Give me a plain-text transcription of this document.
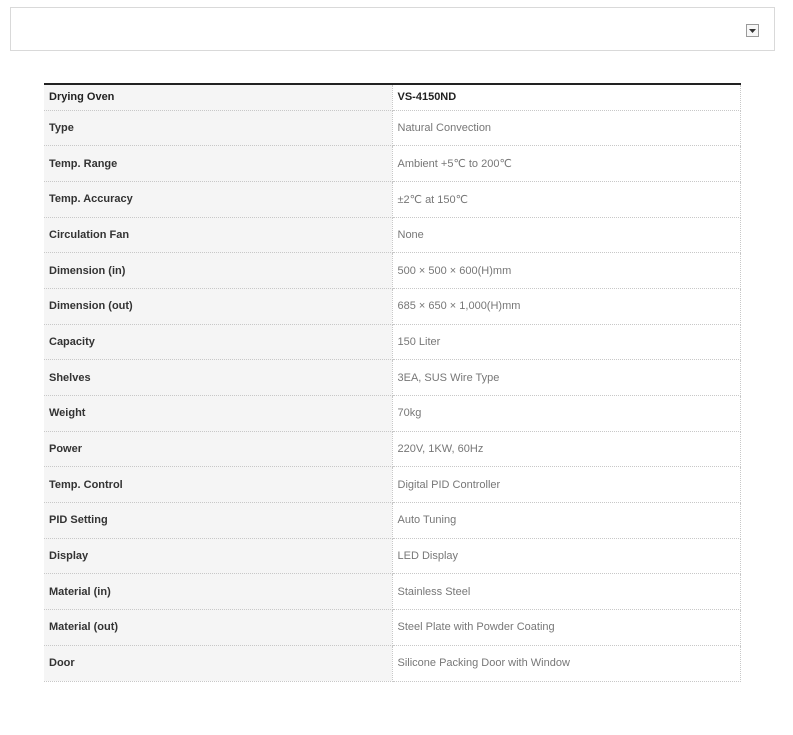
Drying Oven	VS-4150ND
Type	Natural Convection
Temp. Range	Ambient +5℃ to 200℃
Temp. Accuracy	±2℃ at 150℃
Circulation Fan	None
Dimension (in)	500 × 500 × 600(H)mm
Dimension (out)	685 × 650 × 1,000(H)mm
Capacity	150 Liter
Shelves	3EA, SUS Wire Type
Weight	70kg
Power	220V, 1KW, 60Hz
Temp. Control	Digital PID Controller
PID Setting	Auto Tuning
Display	LED Display
Material (in)	Stainless Steel
Material (out)	Steel Plate with Powder Coating
Door	Silicone Packing Door with Window
